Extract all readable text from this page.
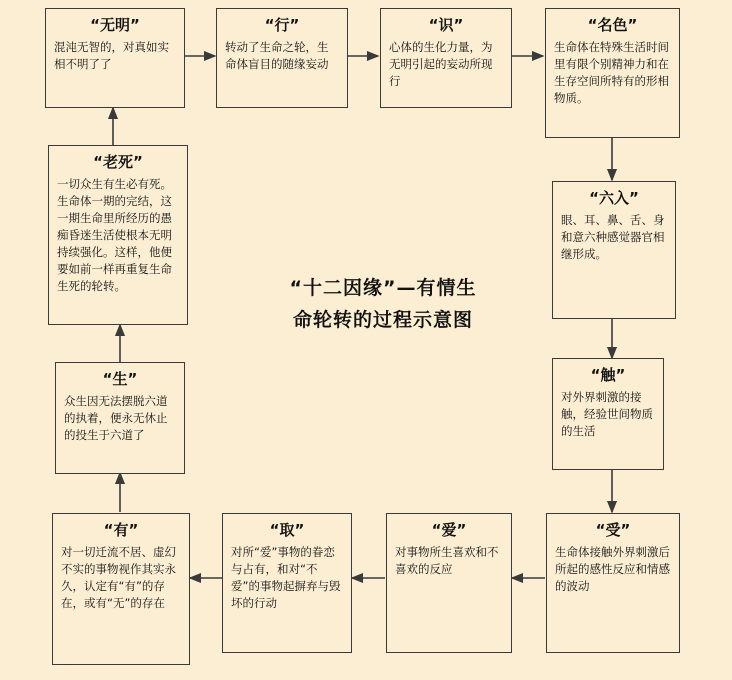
“十二因缘”—有情生
命轮转的过程示意图
“无明”
混沌无智的，对真如实相不明了了
“行”
转动了生命之轮，生命体盲目的随缘妄动
“识”
心体的生化力量，为无明引起的妄动所现行
“名色”
生命体在特殊生活时间里有限个别精神力和在生存空间所特有的形相物质。
“六入”
眼、耳、鼻、舌、身和意六种感觉器官相继形成。
“触”
对外界刺激的接触，经验世间物质的生活
“受”
生命体接触外界刺激后所起的感性反应和情感的波动
“爱”
对事物所生喜欢和不喜欢的反应
“取”
对所“爱”事物的眷恋与占有，和对“不爱”的事物起摒弃与毁坏的行动
“有”
对一切迁流不居、虚幻不实的事物视作其实永久，认定有“有”的存在，或有“无”的存在
“生”
众生因无法摆脱六道的执着，便永无休止的投生于六道了
“老死”
一切众生有生必有死。生命体一期的完结，这一期生命里所经历的愚痴昏迷生活使根本无明持续强化。这样，他便要如前一样再重复生命生死的轮转。
